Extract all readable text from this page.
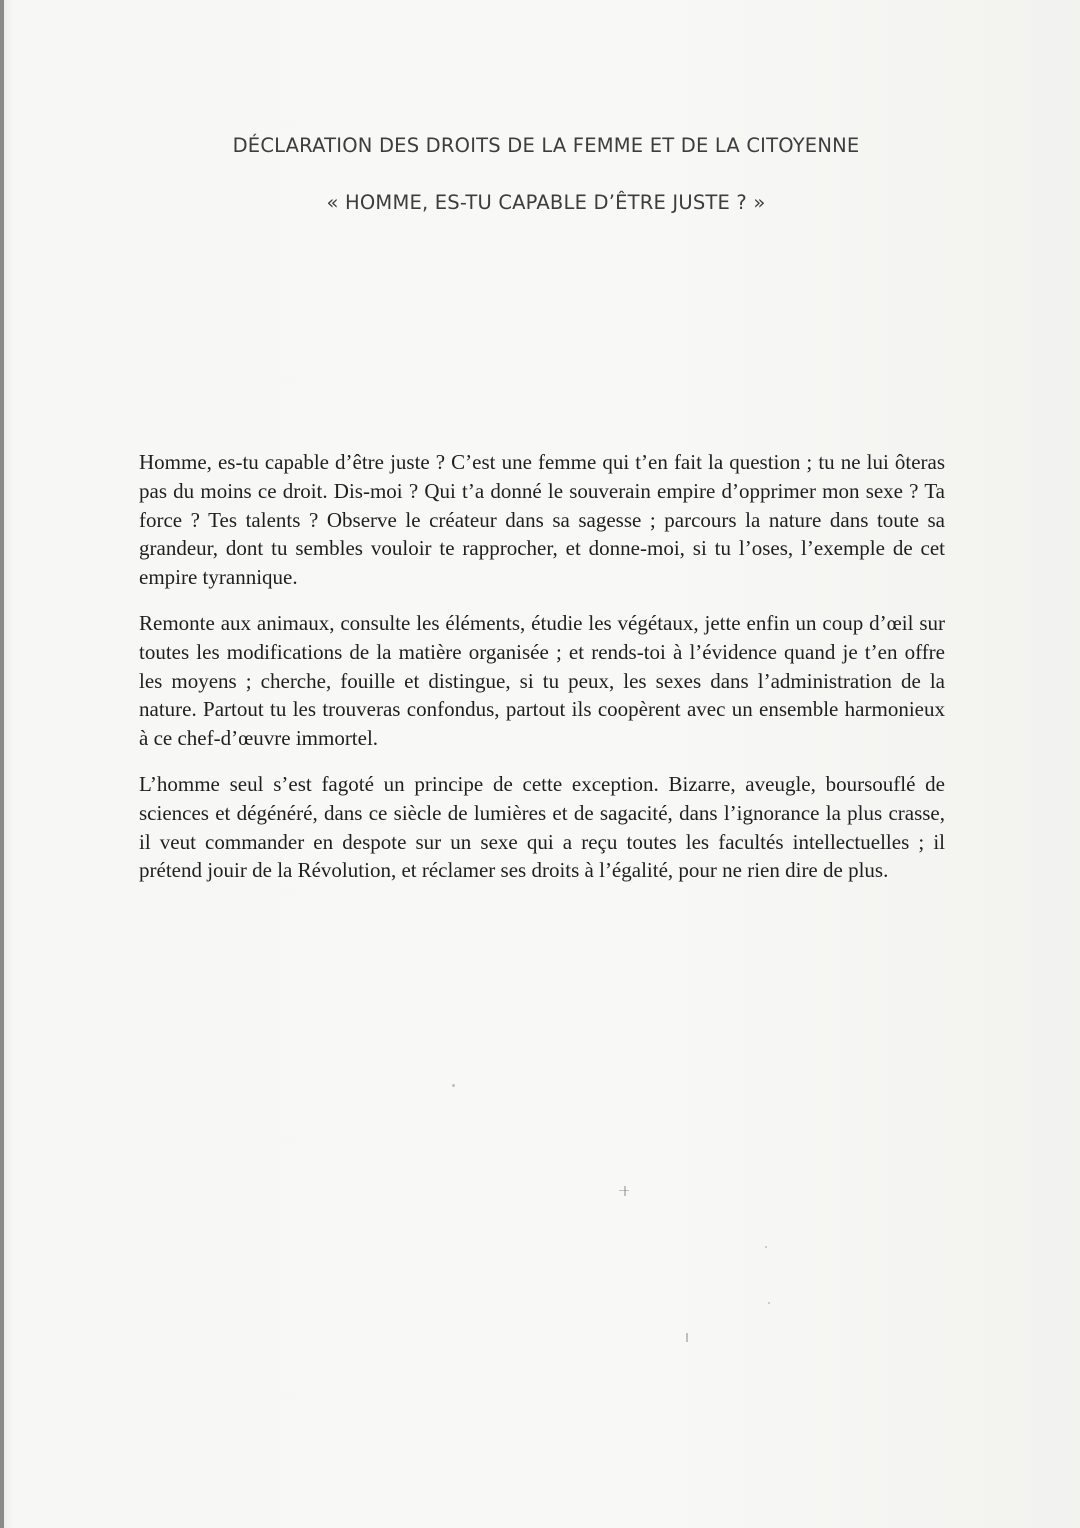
DÉCLARATION DES DROITS DE LA FEMME ET DE LA CITOYENNE
« HOMME, ES-TU CAPABLE D’ÊTRE JUSTE ? »

Homme, es-tu capable d’être juste ? C’est une femme qui t’en fait la question ; tu ne lui ôteras pas du moins ce droit. Dis-moi ? Qui t’a donné le souverain empire d’opprimer mon sexe ? Ta force ? Tes talents ? Observe le créateur dans sa sagesse ; parcours la nature dans toute sa grandeur, dont tu sembles vouloir te rapprocher, et donne-moi, si tu l’oses, l’exemple de cet empire tyrannique.

Remonte aux animaux, consulte les éléments, étudie les végétaux, jette enfin un coup d’œil sur toutes les modifications de la matière organisée ; et rends-toi à l’évidence quand je t’en offre les moyens ; cherche, fouille et distingue, si tu peux, les sexes dans l’administration de la nature. Partout tu les trouveras confondus, partout ils coopèrent avec un ensemble harmonieux à ce chef-d’œuvre immortel.

L’homme seul s’est fagoté un principe de cette exception. Bizarre, aveugle, boursouflé de sciences et dégénéré, dans ce siècle de lumières et de sagacité, dans l’ignorance la plus crasse, il veut commander en despote sur un sexe qui a reçu toutes les facultés intellectuelles ; il prétend jouir de la Révolution, et réclamer ses droits à l’égalité, pour ne rien dire de plus.
